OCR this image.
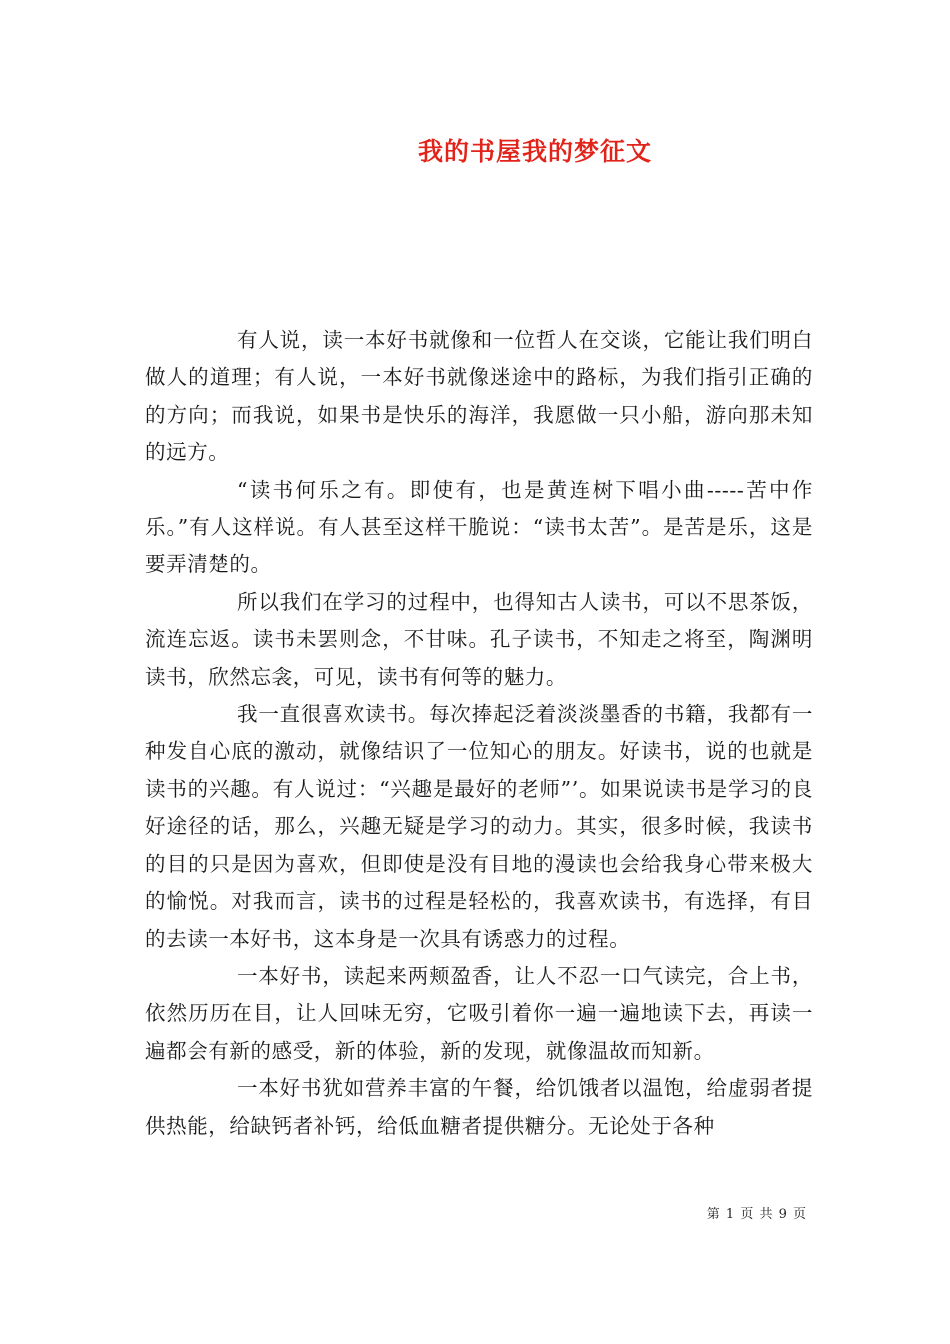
我的书屋我的梦征文

有人说，读一本好书就像和一位哲人在交谈，它能让我们明白做人的道理；有人说，一本好书就像迷途中的路标，为我们指引正确的的方向；而我说，如果书是快乐的海洋，我愿做一只小船，游向那未知的远方。

“读书何乐之有。即使有，也是黄连树下唱小曲-----苦中作乐。”有人这样说。有人甚至这样干脆说：“读书太苦”。是苦是乐，这是要弄清楚的。

所以我们在学习的过程中，也得知古人读书，可以不思茶饭，流连忘返。读书未罢则念，不甘味。孔子读书，不知走之将至，陶渊明读书，欣然忘衾，可见，读书有何等的魅力。

我一直很喜欢读书。每次捧起泛着淡淡墨香的书籍，我都有一种发自心底的激动，就像结识了一位知心的朋友。好读书，说的也就是读书的兴趣。有人说过：“兴趣是最好的老师”’。如果说读书是学习的良好途径的话，那么，兴趣无疑是学习的动力。其实，很多时候，我读书的目的只是因为喜欢，但即使是没有目地的漫读也会给我身心带来极大的愉悦。对我而言，读书的过程是轻松的，我喜欢读书，有选择，有目的去读一本好书，这本身是一次具有诱惑力的过程。

一本好书，读起来两颊盈香，让人不忍一口气读完，合上书，依然历历在目，让人回味无穷，它吸引着你一遍一遍地读下去，再读一遍都会有新的感受，新的体验，新的发现，就像温故而知新。

一本好书犹如营养丰富的午餐，给饥饿者以温饱，给虚弱者提供热能，给缺钙者补钙，给低血糖者提供糖分。无论处于各种

第 1 页 共 9 页
